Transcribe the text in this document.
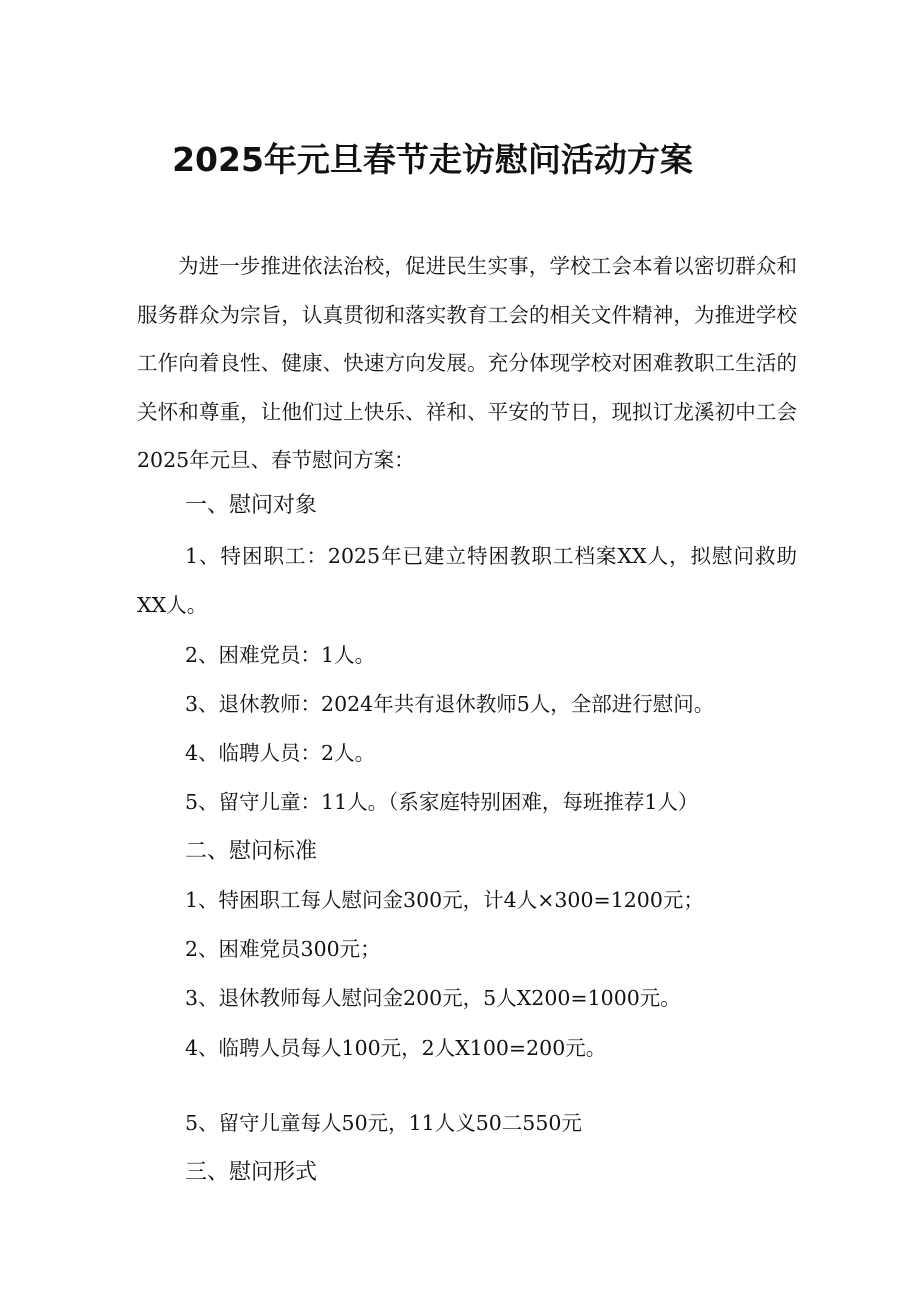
2025年元旦春节走访慰问活动方案

为进一步推进依法治校，促进民生实事，学校工会本着以密切群众和服务群众为宗旨，认真贯彻和落实教育工会的相关文件精神，为推进学校工作向着良性、健康、快速方向发展。充分体现学校对困难教职工生活的关怀和尊重，让他们过上快乐、祥和、平安的节日，现拟订龙溪初中工会2025年元旦、春节慰问方案：

一、慰问对象

1、特困职工：2025年已建立特困教职工档案XX人，拟慰问救助XX人。

2、困难党员：1人。
3、退休教师：2024年共有退休教师5人，全部进行慰问。
4、临聘人员：2人。
5、留守儿童：11人。（系家庭特别困难，每班推荐1人）
二、慰问标准
1、特困职工每人慰问金300元，计4人×300=1200元；
2、困难党员300元；
3、退休教师每人慰问金200元，5人X200=1000元。
4、临聘人员每人100元，2人X100=200元。
5、留守儿童每人50元，11人义50二550元
三、慰问形式
